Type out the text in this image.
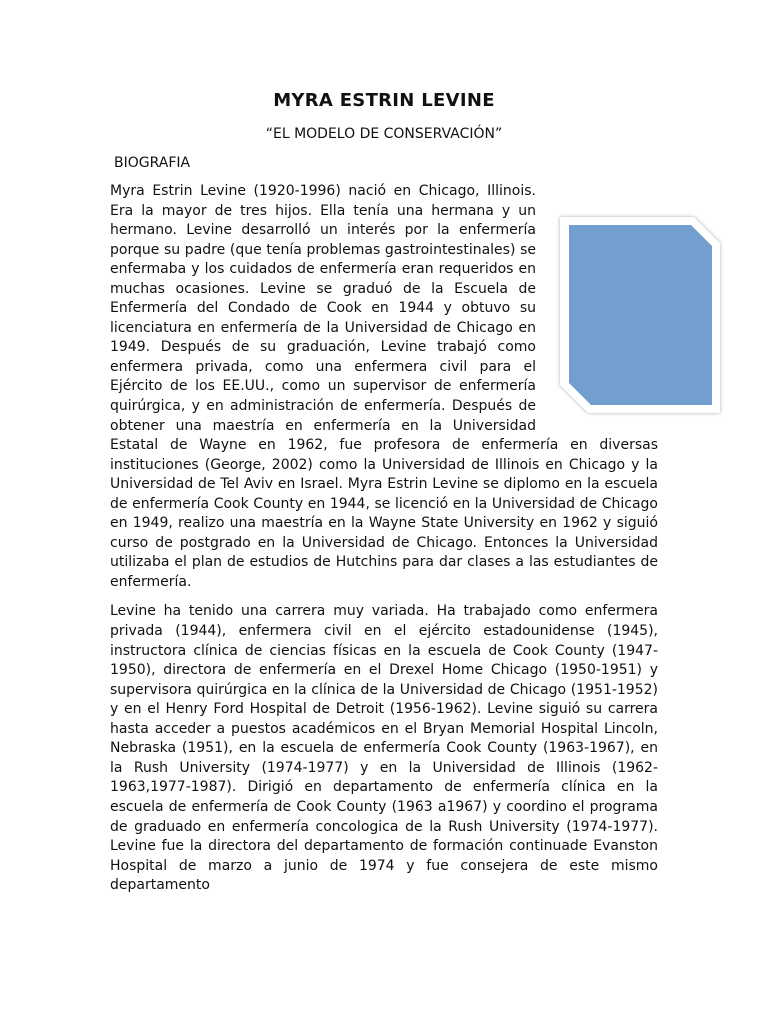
MYRA ESTRIN LEVINE
“EL MODELO DE CONSERVACIÓN”
BIOGRAFIA

Myra Estrin Levine (1920-1996) nació en Chicago, Illinois. Era la mayor de tres hijos. Ella tenía una hermana y un hermano. Levine desarrolló un interés por la enfermería porque su padre (que tenía problemas gastrointestinales) se enfermaba y los cuidados de enfermería eran requeridos en muchas ocasiones. Levine se graduó de la Escuela de Enfermería del Condado de Cook en 1944 y obtuvo su licenciatura en enfermería de la Universidad de Chicago en 1949. Después de su graduación, Levine trabajó como enfermera privada, como una enfermera civil para el Ejército de los EE.UU., como un supervisor de enfermería quirúrgica, y en administración de enfermería. Después de obtener una maestría en enfermería en la Universidad Estatal de Wayne en 1962, fue profesora de enfermería en diversas instituciones (George, 2002) como la Universidad de Illinois en Chicago y la Universidad de Tel Aviv en Israel. Myra Estrin Levine se diplomo en la escuela de enfermería Cook County en 1944, se licenció en la Universidad de Chicago en 1949, realizo una maestría en la Wayne State University en 1962 y siguió curso de postgrado en la Universidad de Chicago. Entonces la Universidad utilizaba el plan de estudios de Hutchins para dar clases a las estudiantes de enfermería.

Levine ha tenido una carrera muy variada. Ha trabajado como enfermera privada (1944), enfermera civil en el ejército estadounidense (1945), instructora clínica de ciencias físicas en la escuela de Cook County (1947-1950), directora de enfermería en el Drexel Home Chicago (1950-1951) y supervisora quirúrgica en la clínica de la Universidad de Chicago (1951-1952) y en el Henry Ford Hospital de Detroit (1956-1962). Levine siguió su carrera hasta acceder a puestos académicos en el Bryan Memorial Hospital Lincoln, Nebraska (1951), en la escuela de enfermería Cook County (1963-1967), en la Rush University (1974-1977) y en la Universidad de Illinois (1962-1963,1977-1987). Dirigió en departamento de enfermería clínica en la escuela de enfermería de Cook County (1963 a1967) y coordino el programa de graduado en enfermería concologica de la Rush University (1974-1977). Levine fue la directora del departamento de formación continuade Evanston Hospital de marzo a junio de 1974 y fue consejera de este mismo departamento
